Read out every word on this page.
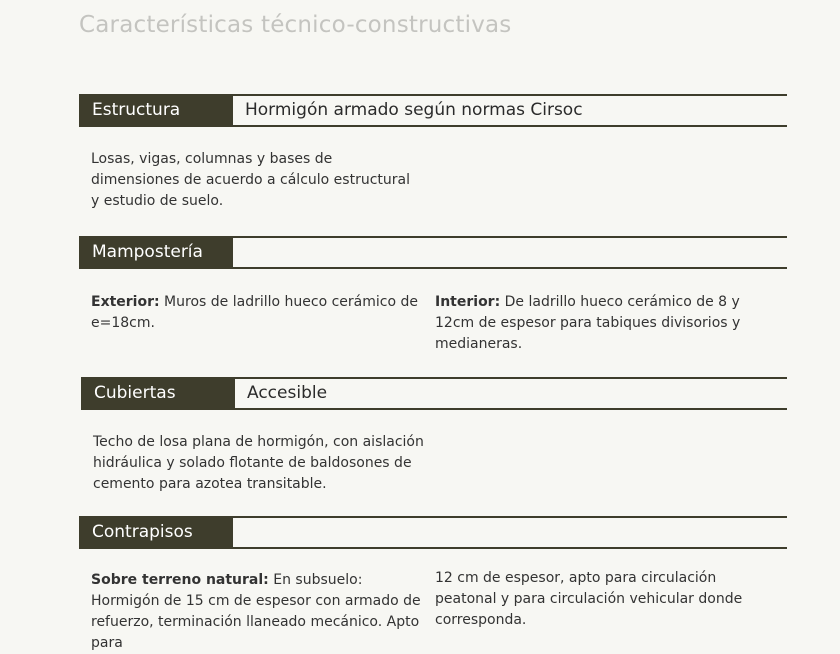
Características técnico-constructivas
Estructura	Hormigón armado según normas Cirsoc
Losas, vigas, columnas y bases de dimensiones de acuerdo a cálculo estructural y estudio de suelo.
Mampostería
Exterior: Muros de ladrillo hueco cerámico de e=18cm.
Interior: De ladrillo hueco cerámico de 8 y 12cm de espesor para tabiques divisorios y medianeras.
Cubiertas	Accesible
Techo de losa plana de hormigón, con aislación hidráulica y solado flotante de baldosones de cemento para azotea transitable.
Contrapisos
Sobre terreno natural: En subsuelo: Hormigón de 15 cm de espesor con armado de refuerzo, terminación llaneado mecánico. Apto para
12 cm de espesor, apto para circulación peatonal y para circulación vehicular donde corresponda.
